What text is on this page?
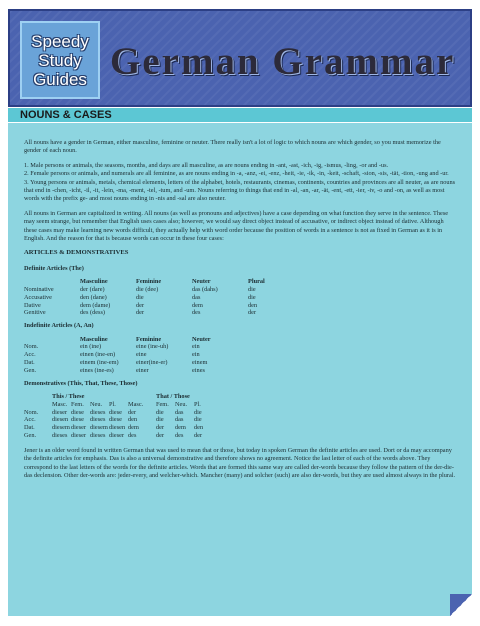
Speedy
Study
Guides German Grammar
NOUNS & CASES

All nouns have a gender in German, either masculine, feminine or neuter. There really isn't a lot of logic to which nouns are which gender, so you must memorize the gender of each noun.

1. Male persons or animals, the seasons, months, and days are all masculine, as are nouns ending in -ant, -ast, -ich, -ig, -ismus, -ling, -or and -us.

2. Female persons or animals, and numerals are all feminine, as are nouns ending in -a, -anz, -ei, -enz, -heit, -ie, -ik, -in, -keit, -schaft, -sion, -sis, -tät, -tion, -ung and -ur.

3. Young persons or animals, metals, chemical elements, letters of the alphabet, hotels, restaurants, cinemas, continents, countries and provinces are all neuter, as are nouns that end in -chen, -icht, -il, -it, -lein, -ma, -ment, -tel, -tum, and -um. Nouns referring to things that end in -al, -an, -ar, -ät, -ent, -ett, -ier, -iv, -o and -on, as well as most words with the prefix ge- and most nouns ending in -nis and -sal are also neuter.

All nouns in German are capitalized in writing. All nouns (as well as pronouns and adjectives) have a case depending on what function they serve in the sentence. These may seem strange, but remember that English uses cases also; however, we would say direct object instead of accusative, or indirect object instead of dative. Although these cases may make learning new words difficult, they actually help with word order because the position of words in a sentence is not as fixed in German as it is in English. And the reason for that is because words can occur in these four cases:

ARTICLES & DEMONSTRATIVES
Definite Articles (The)
	Masculine	Feminine	Neuter	Plural
Nominative	der (dare)	die (dee)	das (dahs)	die
Accusative	den (dane)	die	das	die
Dative	dem (dame)	der	dem	den
Genitive	des (dess)	der	des	der
Indefinite Articles (A, An)
	Masculine	Feminine	Neuter
Nom.	ein (ine)	eine (ine-uh)	ein
Acc.	einen (ine-en)	eine	ein
Dat.	einem (ine-em)	einer(ine-er)	einem
Gen.	eines (ine-es)	einer	eines
Demonstratives (This, That, These, Those)
	This / These					That / Those		
	Masc.	Fem.	Neu.	Pl.	Masc.	Fem.	Neu.	Pl.
Nom.	dieser	diese	dieses	diese	der	die	das	die
Acc.	diesen	diese	dieses	diese	den	die	das	die
Dat.	diesem	dieser	diesem	diesen	dem	der	dem	den
Gen.	dieses	dieser	dieses	dieser	des	der	des	der

Jener is an older word found in written German that was used to mean that or those, but today in spoken German the definite articles are used. Dort or da may accompany the definite articles for emphasis. Das is also a universal demonstrative and therefore shows no agreement. Notice the last letter of each of the words above. They correspond to the last letters of the words for the definite articles. Words that are formed this same way are called der-words because they follow the pattern of the der-die-das declension. Other der-words are: jeder-every, and welcher-which. Mancher (many) and solcher (such) are also der-words, but they are used almost always in the plural.
